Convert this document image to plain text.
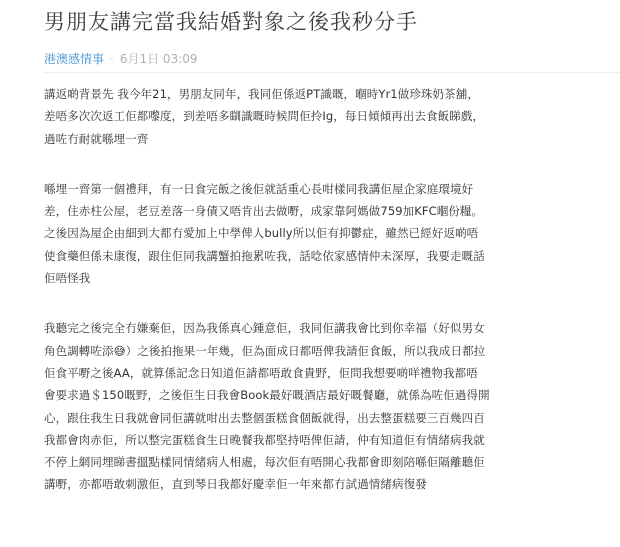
男朋友講完當我結婚對象之後我秒分手
港澳感情事 · 6月1日 03:09
講返啲背景先 我今年21，男朋友同年，我同佢係返PT識嘅，嗰時Yr1做珍珠奶茶舖，
差唔多次次返工佢都嚟度，到差唔多瞓識嘅時候問佢拎Ig，每日傾傾再出去食飯睇戲，
過咗冇耐就喺埋一齊
喺埋一齊第一個禮拜，有一日食完飯之後佢就話重心長咁樣同我講佢屋企家庭環境好
差，住赤柱公屋，老豆差落一身債又唔肯出去做嘢，成家靠阿媽做759加KFC嗰份糧。
之後因為屋企由細到大都冇愛加上中學俾人bully所以佢有抑鬱症，雖然已經好返啲唔
使食藥但係未康復，跟住佢同我講蟹拍拖累咗我，話唸依家感情仲未深厚，我要走嘅話
佢唔怪我
我聽完之後完全冇嫌棄佢，因為我係真心鍾意佢，我同佢講我會比到你幸福（好似男女
角色調轉咗添😅）之後拍拖果一年幾，佢為面成日都唔俾我請佢食飯，所以我成日都拉
佢食平嘢之後AA，就算係記念日知道佢請都唔敢食貴野，佢問我想要啲咩禮物我都唔
會要求過＄150嘅野，之後佢生日我會Book最好嘅酒店最好嘅餐廳，就係為咗佢過得開
心，跟住我生日我就會同佢講就咁出去整個蛋糕食個飯就得，出去整蛋糕要三百幾四百
我都會肉赤佢，所以整完蛋糕食生日晚餐我都堅持唔俾佢請，仲有知道佢有情緒病我就
不停上網同埋睇書搵點樣同情緒病人相處，每次佢有唔開心我都會即刻陪喺佢隔離聽佢
講嘢，亦都唔敢刺激佢，直到琴日我都好慶幸佢一年來都冇試過情緒病復發
